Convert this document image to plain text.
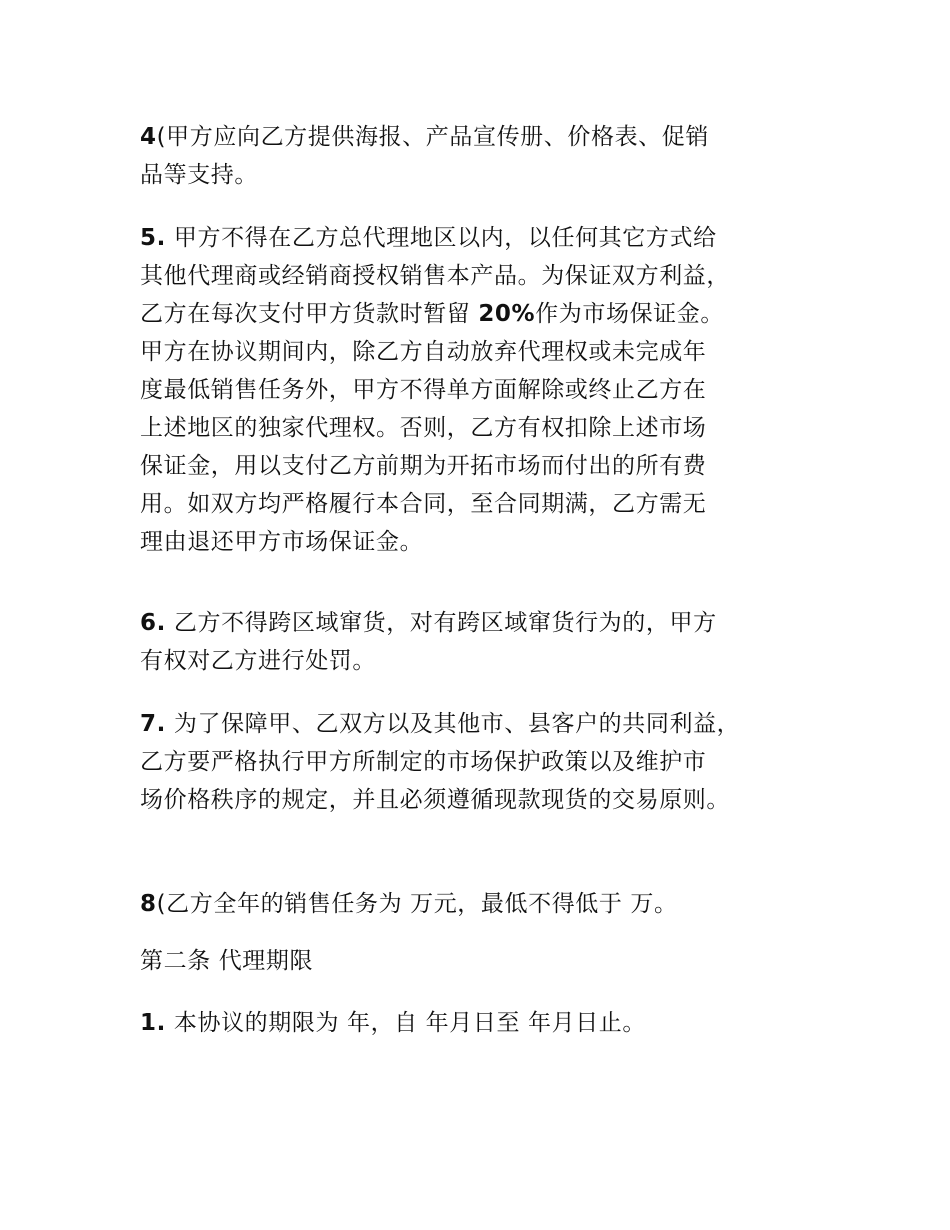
4(甲方应向乙方提供海报、产品宣传册、价格表、促销
品等支持。

5. 甲方不得在乙方总代理地区以内，以任何其它方式给
其他代理商或经销商授权销售本产品。为保证双方利益，
乙方在每次支付甲方货款时暂留 20%作为市场保证金。
甲方在协议期间内，除乙方自动放弃代理权或未完成年
度最低销售任务外，甲方不得单方面解除或终止乙方在
上述地区的独家代理权。否则，乙方有权扣除上述市场
保证金，用以支付乙方前期为开拓市场而付出的所有费
用。如双方均严格履行本合同，至合同期满，乙方需无
理由退还甲方市场保证金。

6. 乙方不得跨区域窜货，对有跨区域窜货行为的，甲方
有权对乙方进行处罚。

7. 为了保障甲、乙双方以及其他市、县客户的共同利益，
乙方要严格执行甲方所制定的市场保护政策以及维护市
场价格秩序的规定，并且必须遵循现款现货的交易原则。

8(乙方全年的销售任务为 万元，最低不得低于 万。

第二条 代理期限

1. 本协议的期限为 年，自 年月日至 年月日止。
